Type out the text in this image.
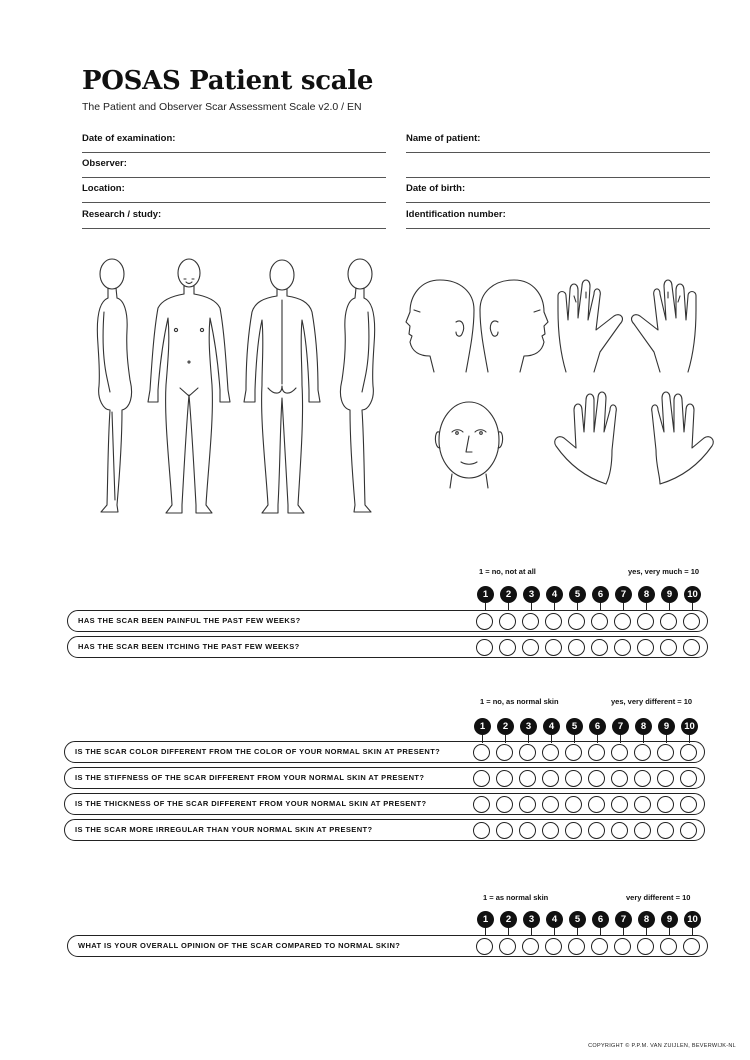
POSAS Patient scale
The Patient and Observer Scar Assessment Scale v2.0 / EN
Date of examination:
Observer:
Location:
Research / study:
Name of patient:
Date of birth:
Identification number:
1 = no, not at all	yes, very much = 10
1	2	3	4	5	6	7	8	9	10
HAS THE SCAR BEEN PAINFUL THE PAST FEW WEEKS?
HAS THE SCAR BEEN ITCHING THE PAST FEW WEEKS?
1 = no, as normal skin	yes, very different = 10
1	2	3	4	5	6	7	8	9	10
IS THE SCAR COLOR DIFFERENT FROM THE COLOR OF YOUR NORMAL SKIN AT PRESENT?
IS THE STIFFNESS OF THE SCAR DIFFERENT FROM YOUR NORMAL SKIN AT PRESENT?
IS THE THICKNESS OF THE SCAR DIFFERENT FROM YOUR NORMAL SKIN AT PRESENT?
IS THE SCAR MORE IRREGULAR THAN YOUR NORMAL SKIN AT PRESENT?
1 = as normal skin	very different = 10
1	2	3	4	5	6	7	8	9	10
WHAT IS YOUR OVERALL OPINION OF THE SCAR COMPARED TO NORMAL SKIN?
COPYRIGHT © P.P.M. VAN ZUIJLEN, BEVERWIJK-NL
